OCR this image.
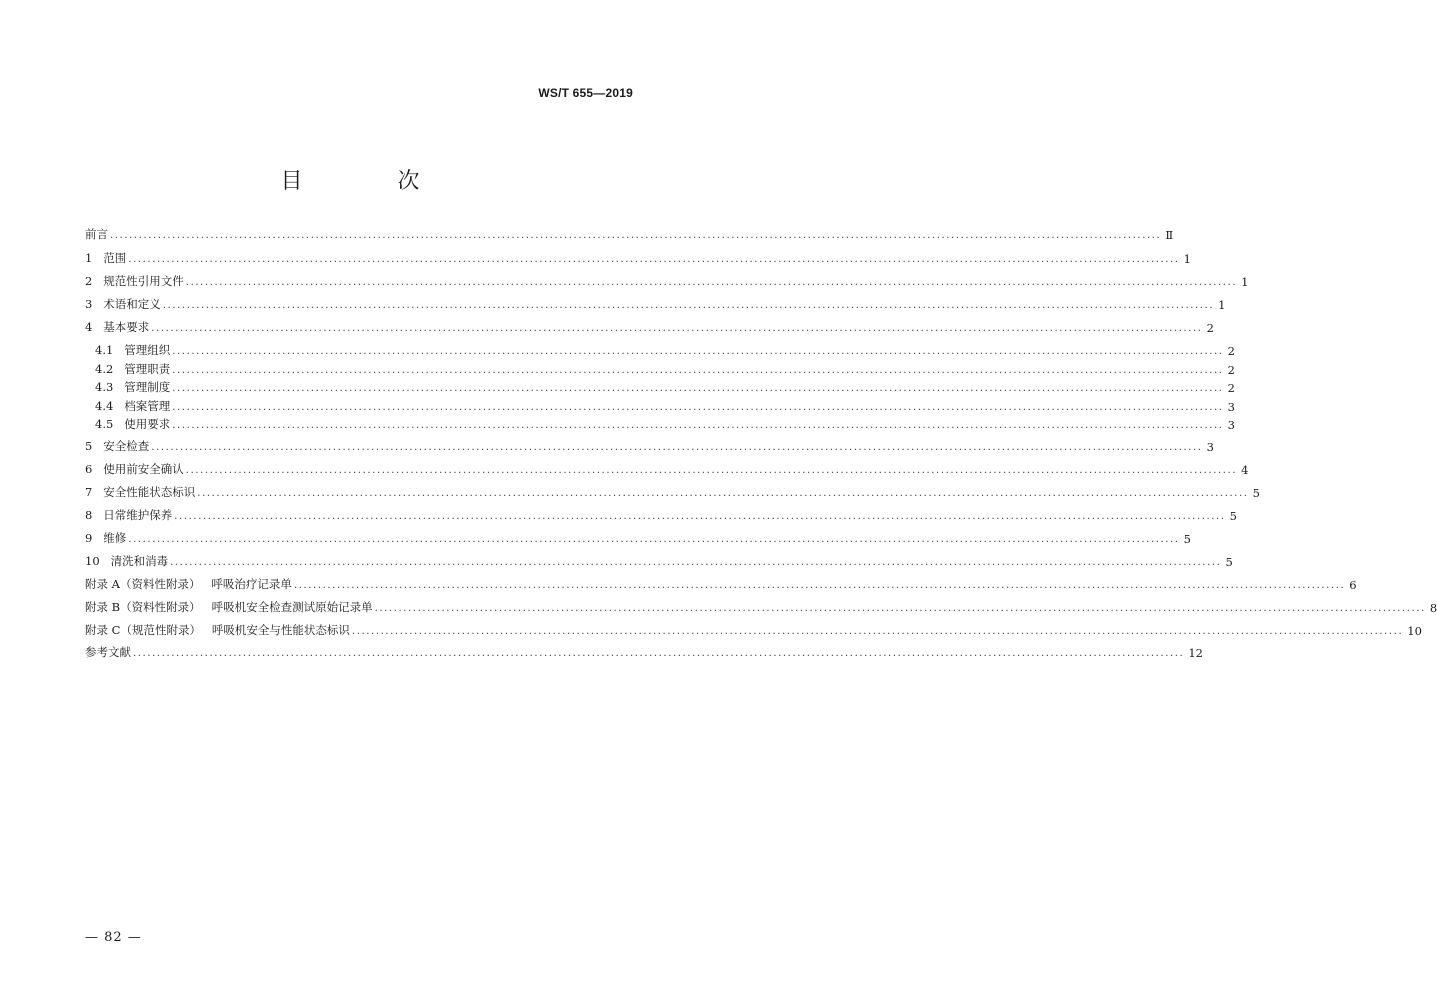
WS/T 655—2019
目 次
前言 ............................................................................................................................................................................................................................ Ⅱ
1   范围 ............................................................................................................................................................................................................................ 1
2   规范性引用文件 ............................................................................................................................................................................................................................ 1
3   术语和定义 ............................................................................................................................................................................................................................ 1
4   基本要求 ............................................................................................................................................................................................................................ 2
4.1   管理组织 ............................................................................................................................................................................................................................ 2
4.2   管理职责 ............................................................................................................................................................................................................................ 2
4.3   管理制度 ............................................................................................................................................................................................................................ 2
4.4   档案管理 ............................................................................................................................................................................................................................ 3
4.5   使用要求 ............................................................................................................................................................................................................................ 3
5   安全检查 ............................................................................................................................................................................................................................ 3
6   使用前安全确认 ............................................................................................................................................................................................................................ 4
7   安全性能状态标识 ............................................................................................................................................................................................................................ 5
8   日常维护保养 ............................................................................................................................................................................................................................ 5
9   维修 ............................................................................................................................................................................................................................ 5
10   清洗和消毒 ............................................................................................................................................................................................................................ 5
附录 A（资料性附录）   呼吸治疗记录单 ............................................................................................................................................................................................................................ 6
附录 B（资料性附录）   呼吸机安全检查测试原始记录单 ............................................................................................................................................................................................................................ 8
附录 C（规范性附录）   呼吸机安全与性能状态标识 ............................................................................................................................................................................................................................ 10
参考文献 ............................................................................................................................................................................................................................ 12
— 82 —
